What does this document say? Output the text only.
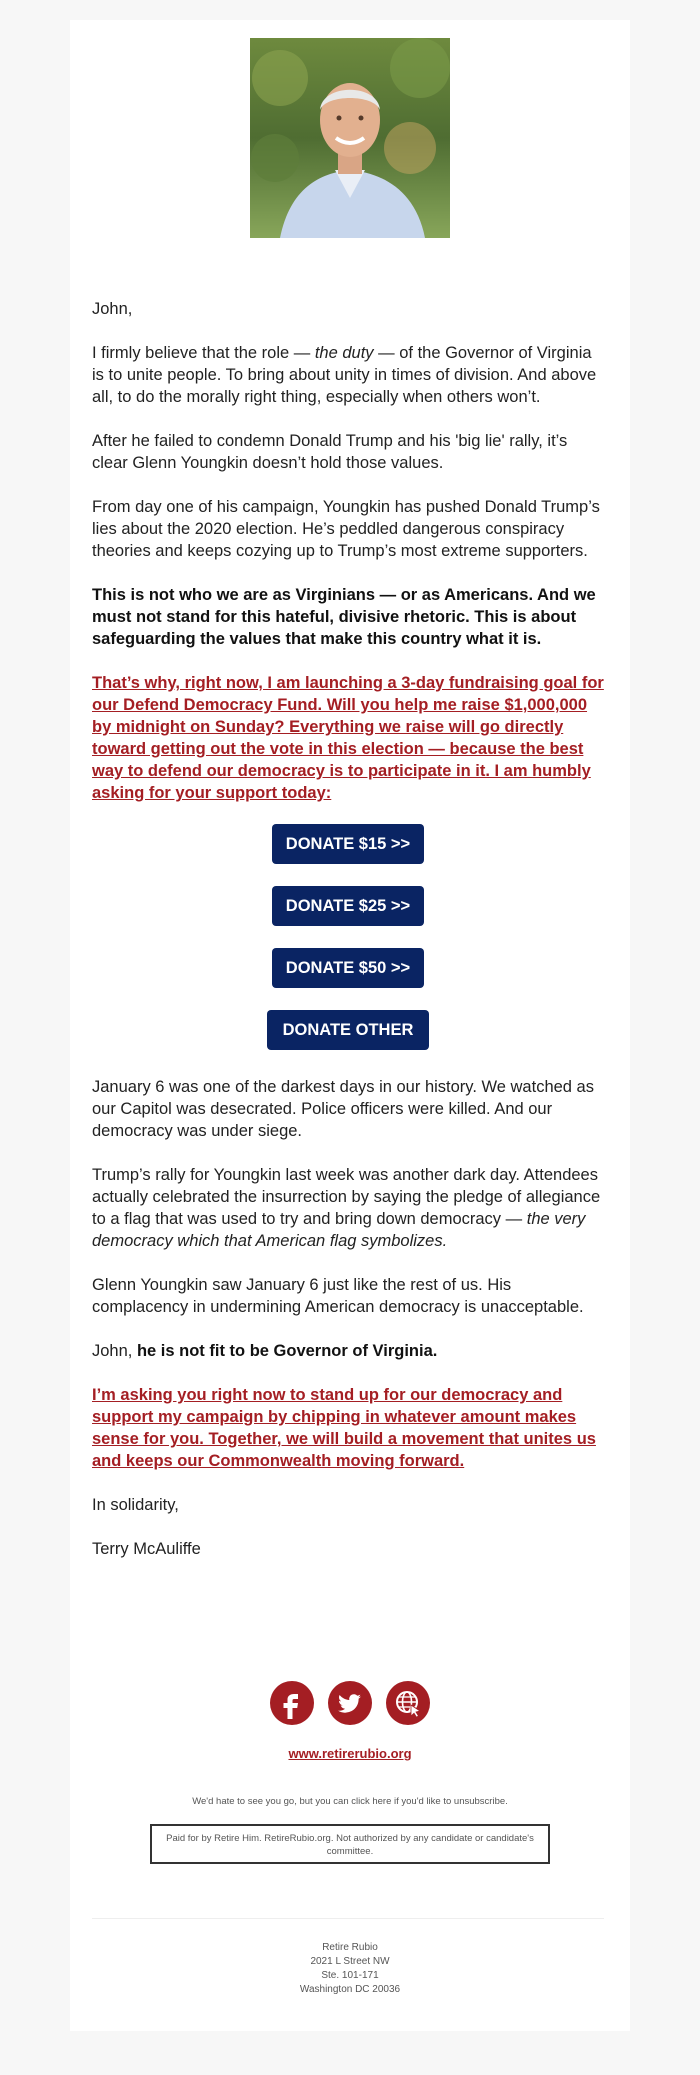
John,

I firmly believe that the role — the duty — of the Governor of Virginia is to unite people. To bring about unity in times of division. And above all, to do the morally right thing, especially when others won’t.

After he failed to condemn Donald Trump and his 'big lie' rally, it’s clear Glenn Youngkin doesn’t hold those values.

From day one of his campaign, Youngkin has pushed Donald Trump’s lies about the 2020 election. He’s peddled dangerous conspiracy theories and keeps cozying up to Trump’s most extreme supporters.

This is not who we are as Virginians — or as Americans. And we must not stand for this hateful, divisive rhetoric. This is about safeguarding the values that make this country what it is.

That’s why, right now, I am launching a 3-day fundraising goal for our Defend Democracy Fund. Will you help me raise $1,000,000 by midnight on Sunday? Everything we raise will go directly toward getting out the vote in this election — because the best way to defend our democracy is to participate in it. I am humbly asking for your support today:

DONATE $15 >>
DONATE $25 >>
DONATE $50 >>
DONATE OTHER

January 6 was one of the darkest days in our history. We watched as our Capitol was desecrated. Police officers were killed. And our democracy was under siege.

Trump’s rally for Youngkin last week was another dark day. Attendees actually celebrated the insurrection by saying the pledge of allegiance to a flag that was used to try and bring down democracy — the very democracy which that American flag symbolizes.

Glenn Youngkin saw January 6 just like the rest of us. His complacency in undermining American democracy is unacceptable.

John, he is not fit to be Governor of Virginia.

I’m asking you right now to stand up for our democracy and support my campaign by chipping in whatever amount makes sense for you. Together, we will build a movement that unites us and keeps our Commonwealth moving forward.

In solidarity,

Terry McAuliffe

www.retirerubio.org
We'd hate to see you go, but you can click here if you'd like to unsubscribe.
Paid for by Retire Him. RetireRubio.org. Not authorized by any candidate or candidate's committee.
Retire Rubio
2021 L Street NW
Ste. 101-171
Washington DC 20036
